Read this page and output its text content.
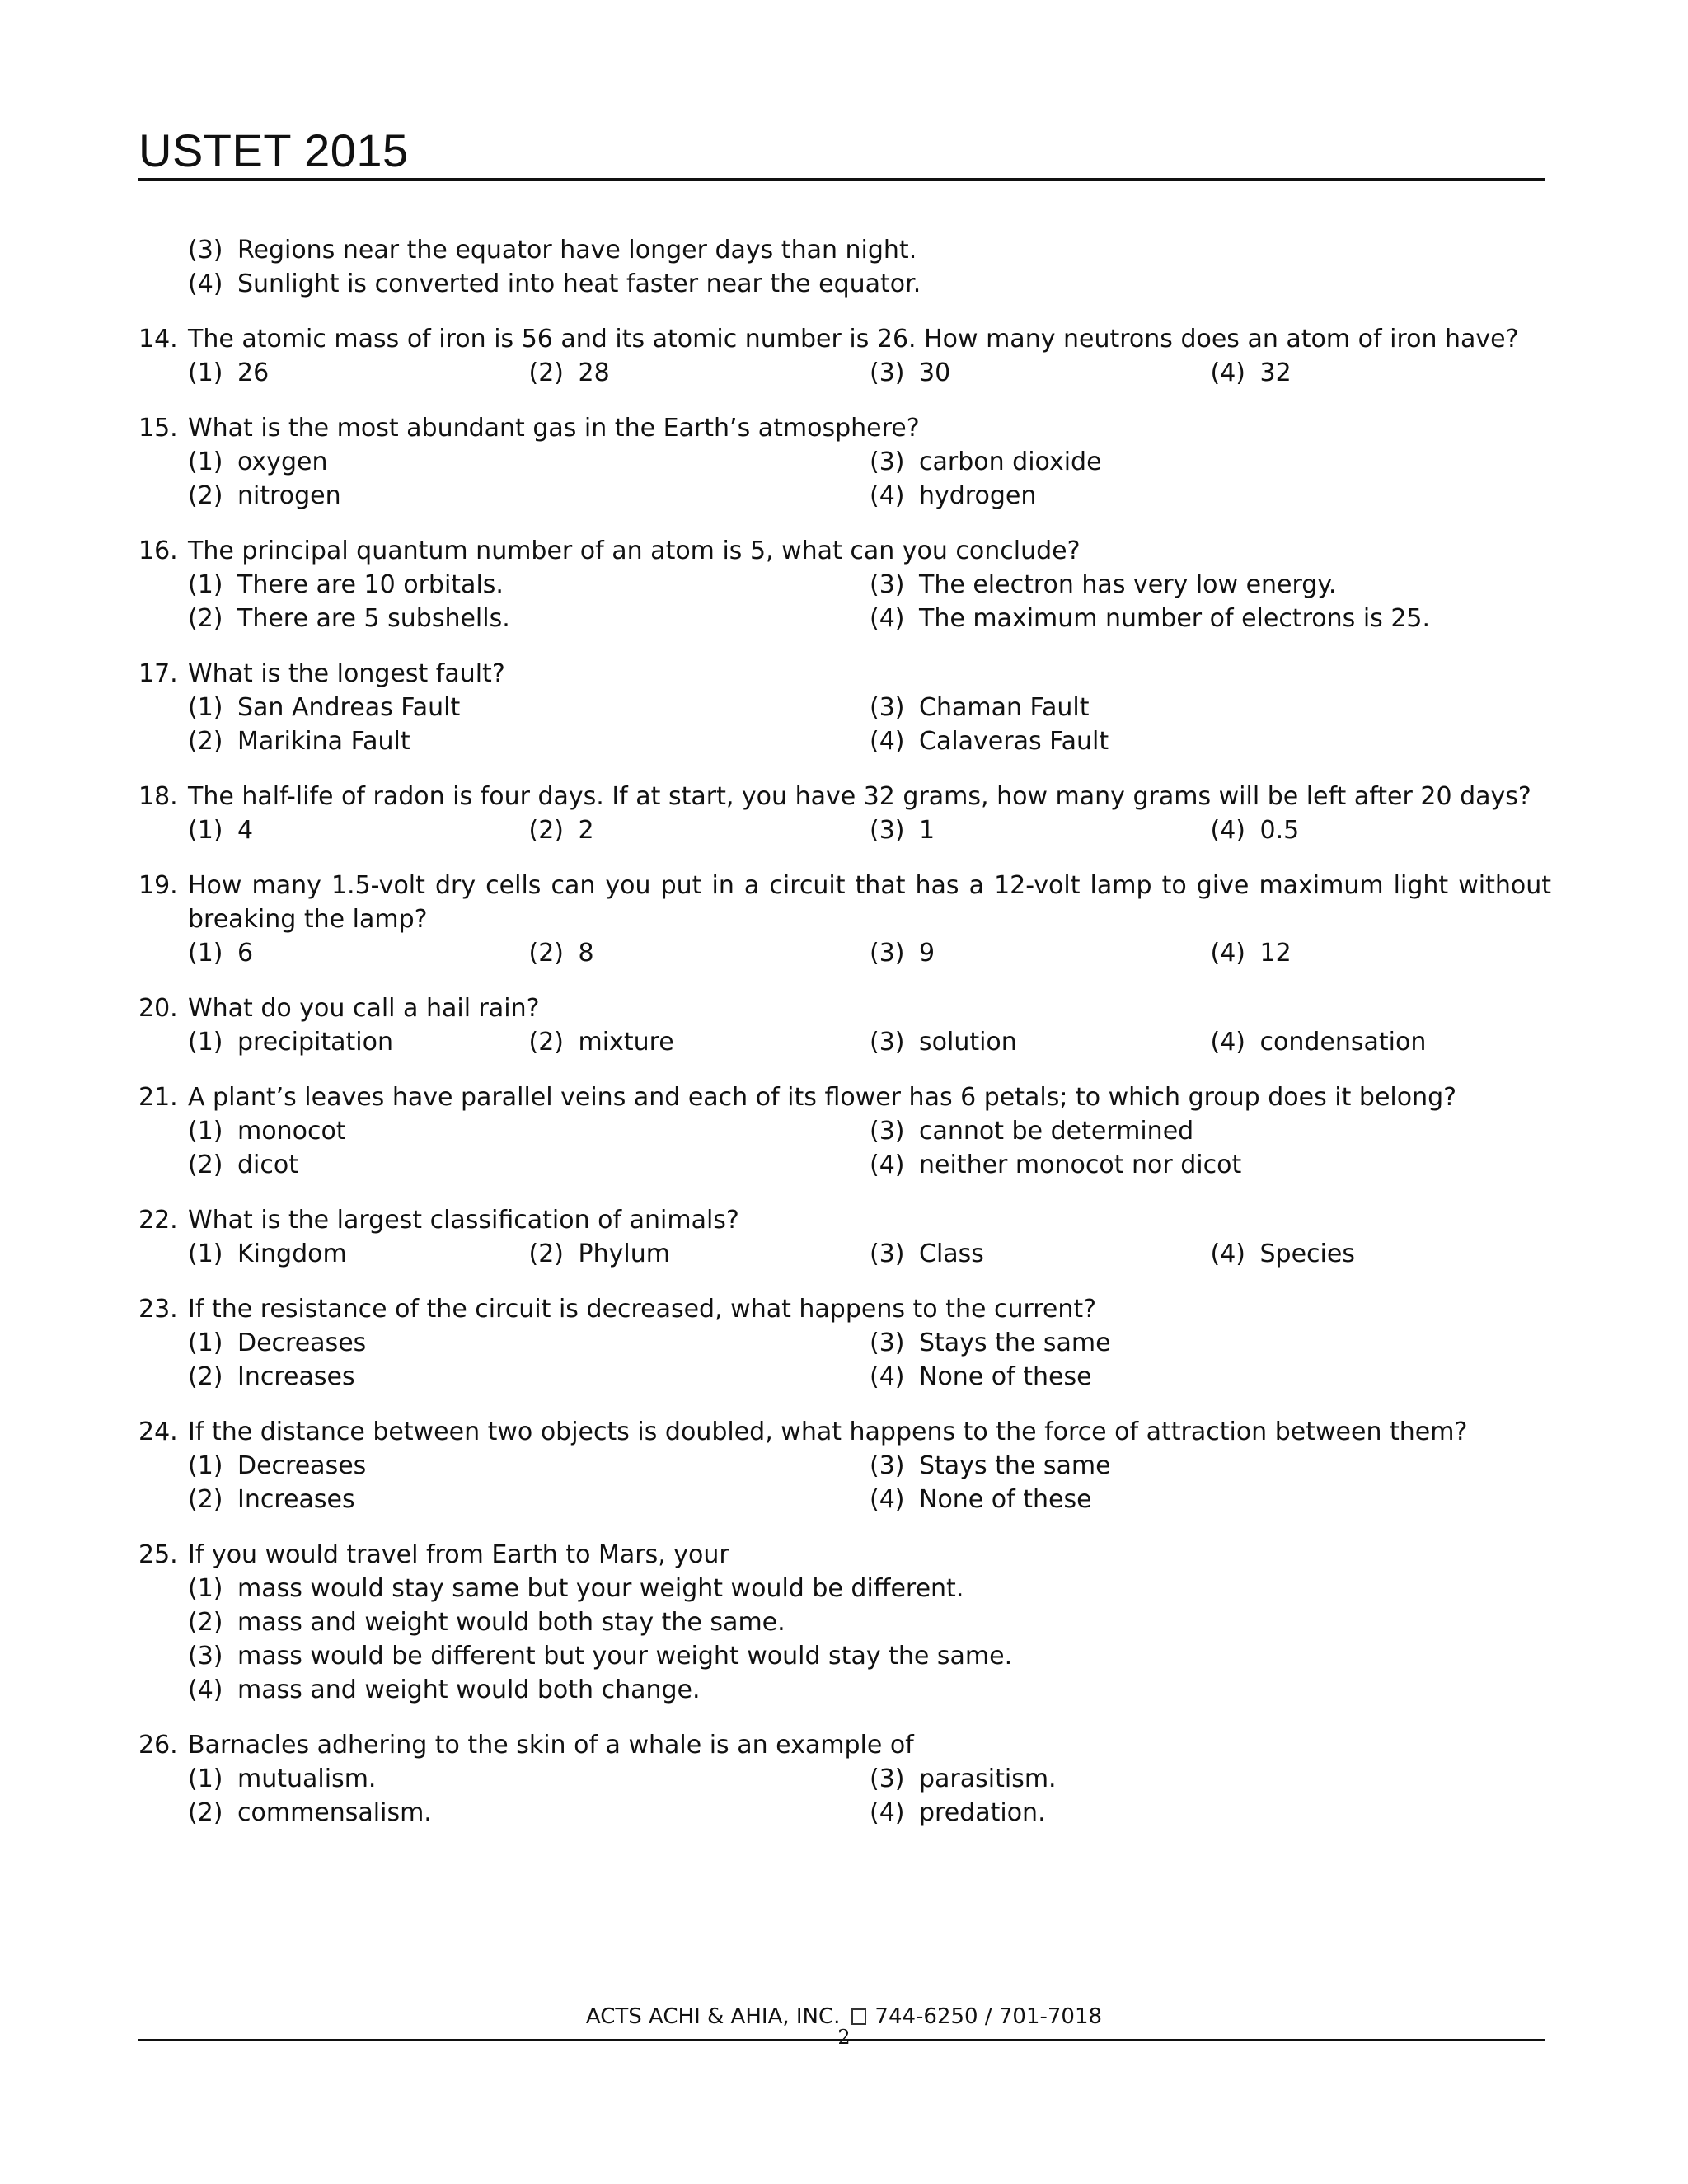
USTET 2015
(3) Regions near the equator have longer days than night.
(4) Sunlight is converted into heat faster near the equator.
14. The atomic mass of iron is 56 and its atomic number is 26. How many neutrons does an atom of iron have?
(1) 26	(2) 28	(3) 30	(4) 32
15. What is the most abundant gas in the Earth’s atmosphere?
(1) oxygen	(3) carbon dioxide
(2) nitrogen	(4) hydrogen
16. The principal quantum number of an atom is 5, what can you conclude?
(1) There are 10 orbitals.	(3) The electron has very low energy.
(2) There are 5 subshells.	(4) The maximum number of electrons is 25.
17. What is the longest fault?
(1) San Andreas Fault	(3) Chaman Fault
(2) Marikina Fault	(4) Calaveras Fault
18. The half-life of radon is four days. If at start, you have 32 grams, how many grams will be left after 20 days?
(1) 4	(2) 2	(3) 1	(4) 0.5
19. How many 1.5-volt dry cells can you put in a circuit that has a 12-volt lamp to give maximum light without breaking the lamp?
(1) 6	(2) 8	(3) 9	(4) 12
20. What do you call a hail rain?
(1) precipitation	(2) mixture	(3) solution	(4) condensation
21. A plant’s leaves have parallel veins and each of its flower has 6 petals; to which group does it belong?
(1) monocot	(3) cannot be determined
(2) dicot	(4) neither monocot nor dicot
22. What is the largest classification of animals?
(1) Kingdom	(2) Phylum	(3) Class	(4) Species
23. If the resistance of the circuit is decreased, what happens to the current?
(1) Decreases	(3) Stays the same
(2) Increases	(4) None of these
24. If the distance between two objects is doubled, what happens to the force of attraction between them?
(1) Decreases	(3) Stays the same
(2) Increases	(4) None of these
25. If you would travel from Earth to Mars, your
(1) mass would stay same but your weight would be different.
(2) mass and weight would both stay the same.
(3) mass would be different but your weight would stay the same.
(4) mass and weight would both change.
26. Barnacles adhering to the skin of a whale is an example of
(1) mutualism.	(3) parasitism.
(2) commensalism.	(4) predation.
ACTS ACHI & AHIA, INC. 744-6250 / 701-7018
2
